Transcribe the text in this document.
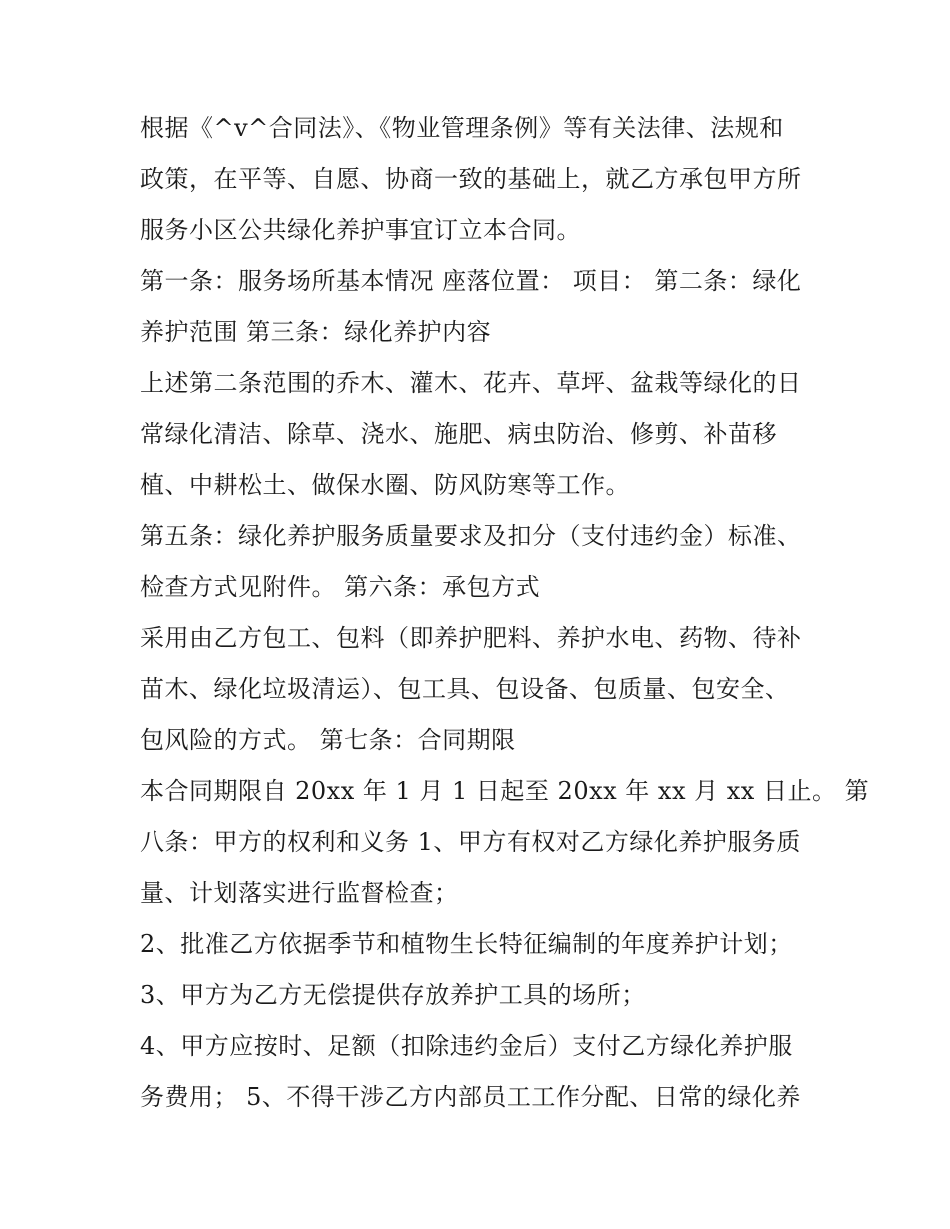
根据《^v^合同法》、《物业管理条例》等有关法律、法规和
政策，在平等、自愿、协商一致的基础上，就乙方承包甲方所
服务小区公共绿化养护事宜订立本合同。
第一条：服务场所基本情况 座落位置： 项目： 第二条：绿化
养护范围 第三条：绿化养护内容
上述第二条范围的乔木、灌木、花卉、草坪、盆栽等绿化的日
常绿化清洁、除草、浇水、施肥、病虫防治、修剪、补苗移
植、中耕松土、做保水圈、防风防寒等工作。
第五条：绿化养护服务质量要求及扣分（支付违约金）标准、
检查方式见附件。 第六条：承包方式
采用由乙方包工、包料（即养护肥料、养护水电、药物、待补
苗木、绿化垃圾清运）、包工具、包设备、包质量、包安全、
包风险的方式。 第七条：合同期限
本合同期限自 20xx 年 1 月 1 日起至 20xx 年 xx 月 xx 日止。 第
八条：甲方的权利和义务 1、甲方有权对乙方绿化养护服务质
量、计划落实进行监督检查；
2、批准乙方依据季节和植物生长特征编制的年度养护计划；
3、甲方为乙方无偿提供存放养护工具的场所；
4、甲方应按时、足额（扣除违约金后）支付乙方绿化养护服
务费用； 5、不得干涉乙方内部员工工作分配、日常的绿化养
